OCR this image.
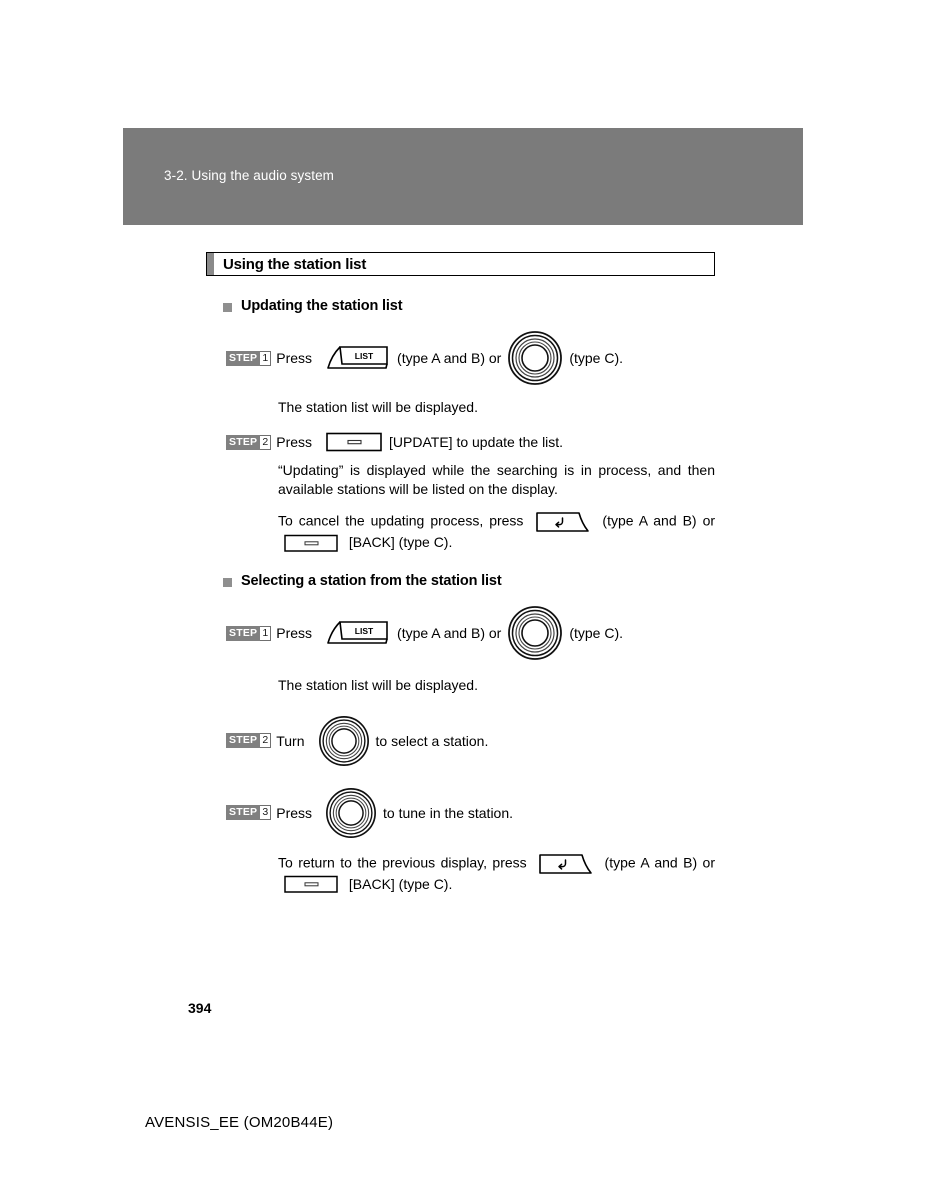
3-2. Using the audio system
Using the station list
Updating the station list
STEP 1 Press	LIST (type A and B) or	(type C).
The station list will be displayed.
STEP 2 Press	[UPDATE] to update the list.
“Updating” is displayed while the searching is in process, and then available stations will be listed on the display.
To cancel the updating process, press	(type A and B) or
[BACK] (type C).
Selecting a station from the station list
STEP 1 Press	LIST (type A and B) or	(type C).
The station list will be displayed.
STEP 2 Turn	to select a station.
STEP 3 Press	to tune in the station.
To return to the previous display, press	(type A and B) or
[BACK] (type C).
394
AVENSIS_EE (OM20B44E)
